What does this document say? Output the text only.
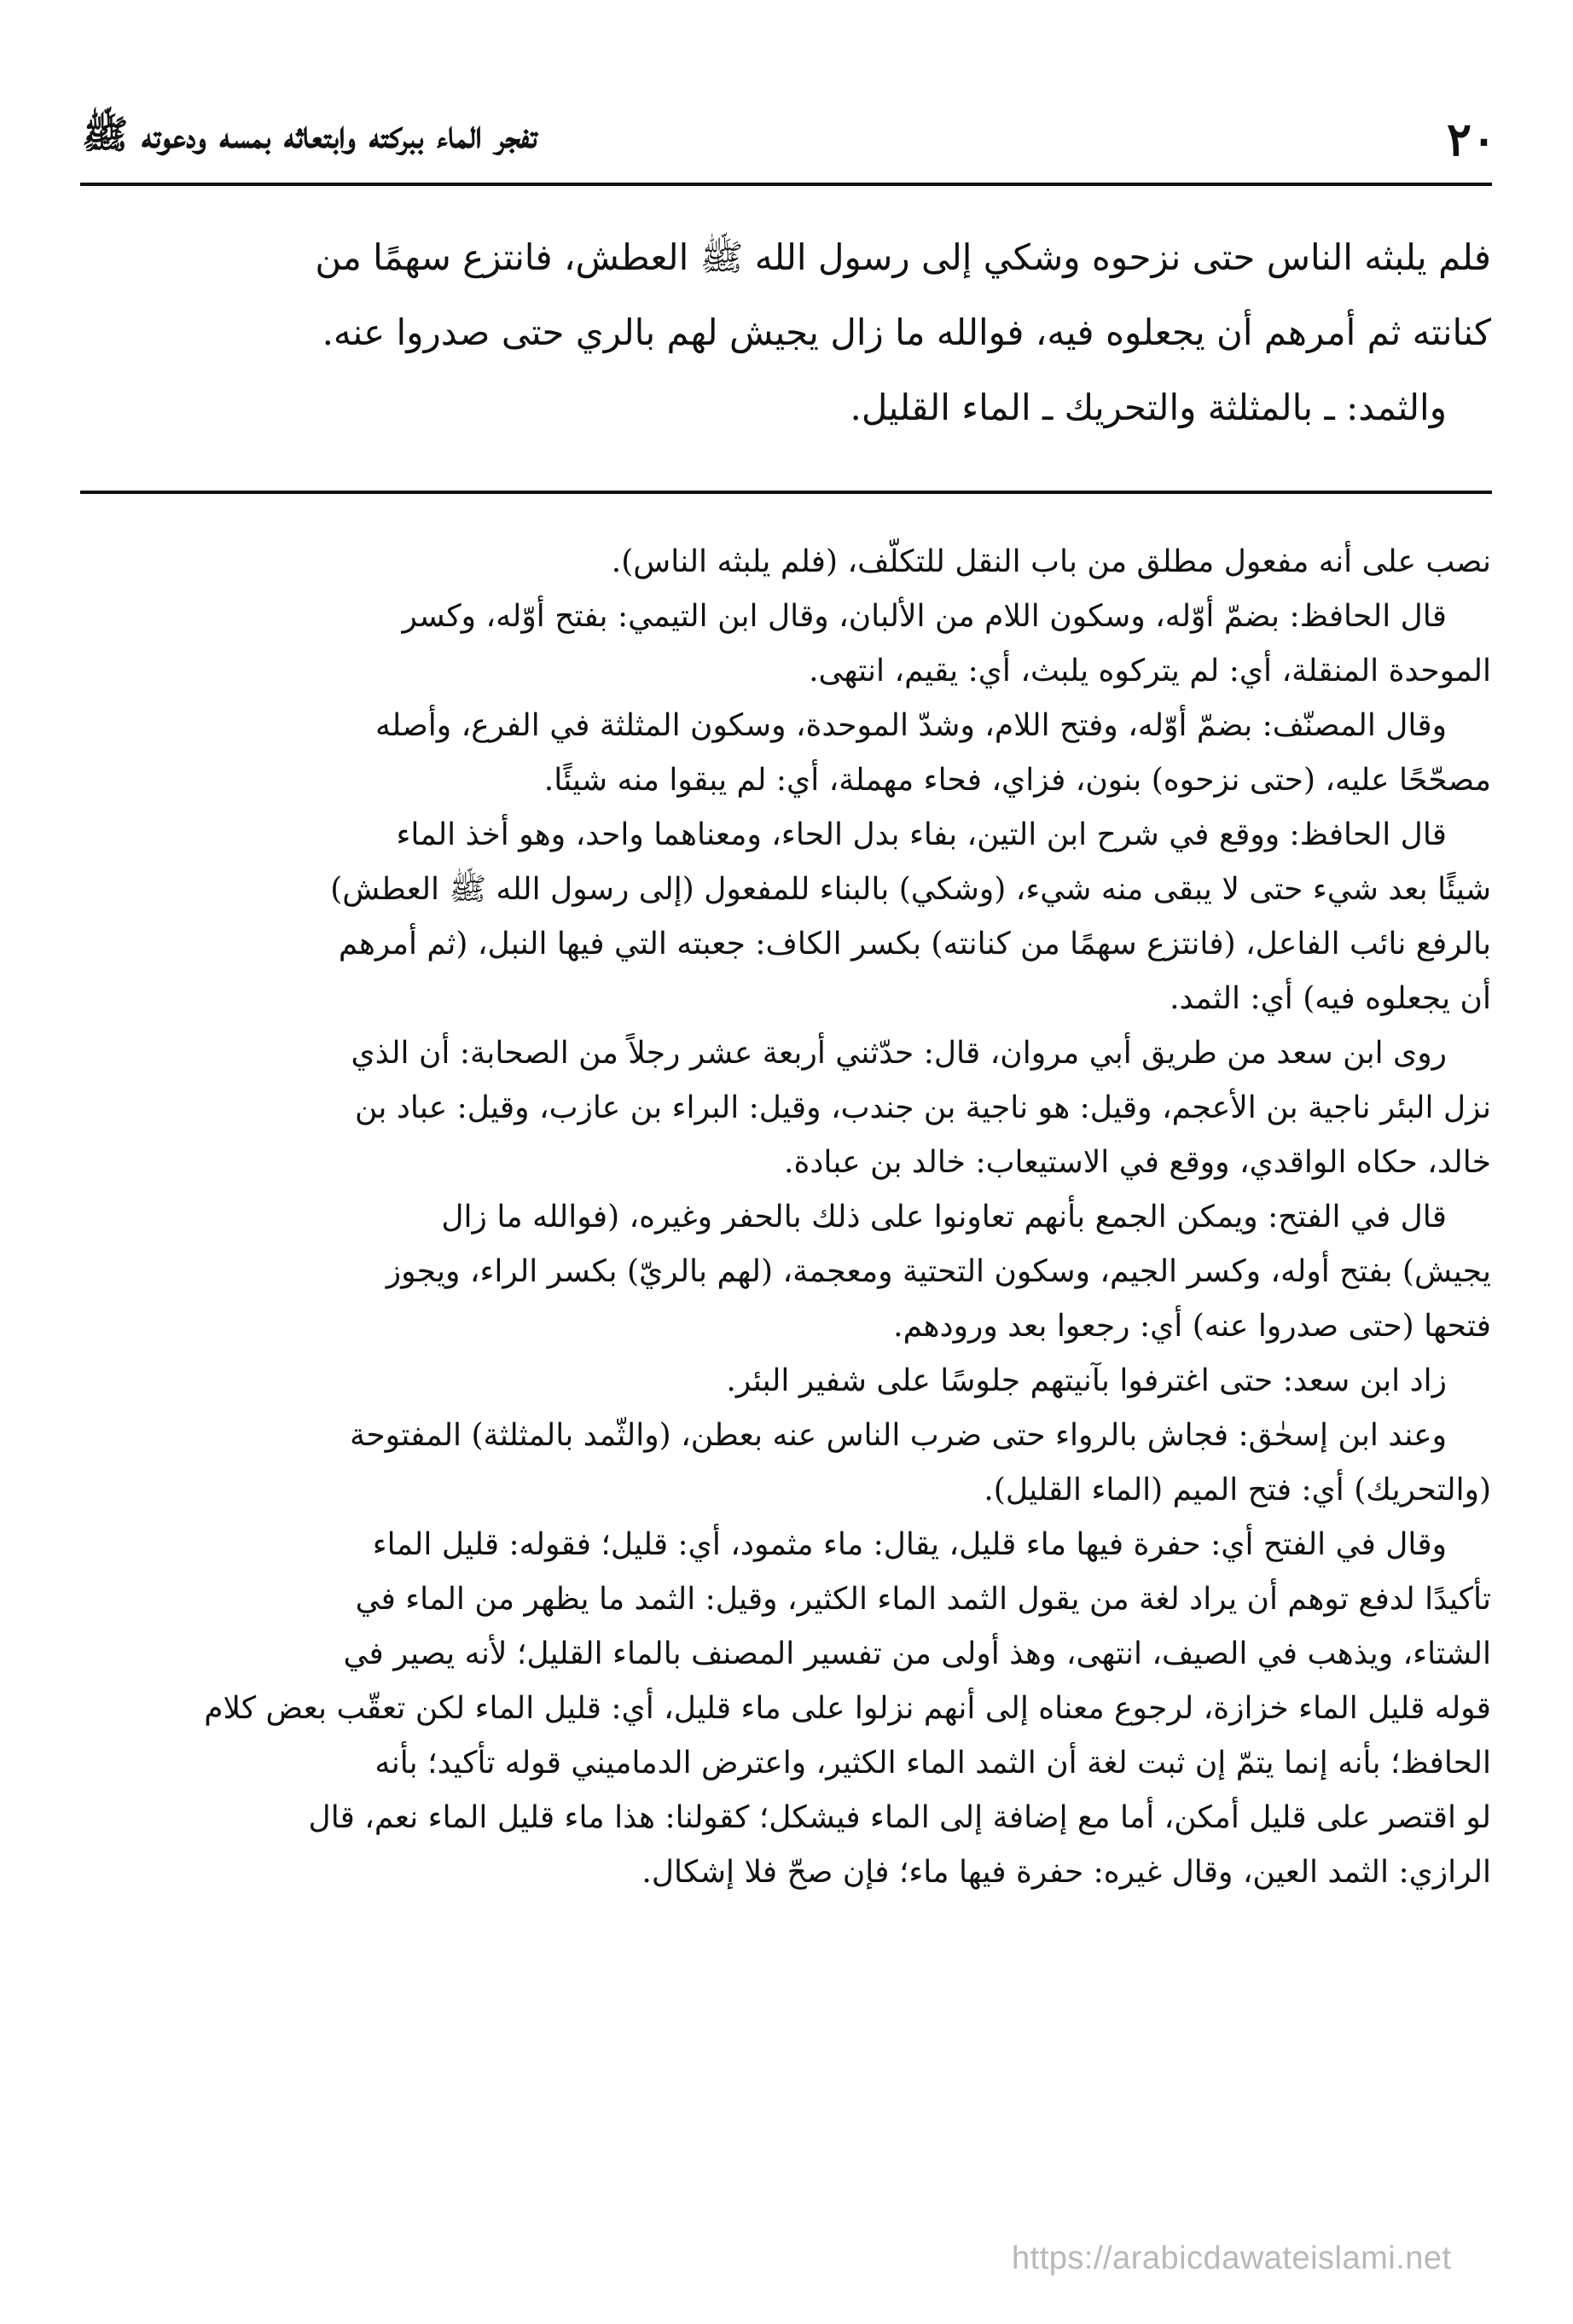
٢٠
تفجر الماء ببركته وابتعاثه بمسه ودعوته ﷺ

فلم يلبثه الناس حتى نزحوه وشكي إلى رسول الله ﷺ العطش، فانتزع سهمًا من
كنانته ثم أمرهم أن يجعلوه فيه، فوالله ما زال يجيش لهم بالري حتى صدروا عنه.
والثمد: ـ بالمثلثة والتحريك ـ الماء القليل.

نصب على أنه مفعول مطلق من باب النقل للتكلّف، (فلم يلبثه الناس).
قال الحافظ: بضمّ أوّله، وسكون اللام من الألبان، وقال ابن التيمي: بفتح أوّله، وكسر
الموحدة المنقلة، أي: لم يتركوه يلبث، أي: يقيم، انتهى.
وقال المصنّف: بضمّ أوّله، وفتح اللام، وشدّ الموحدة، وسكون المثلثة في الفرع، وأصله
مصحّحًا عليه، (حتى نزحوه) بنون، فزاي، فحاء مهملة، أي: لم يبقوا منه شيئًا.
قال الحافظ: ووقع في شرح ابن التين، بفاء بدل الحاء، ومعناهما واحد، وهو أخذ الماء
شيئًا بعد شيء حتى لا يبقى منه شيء، (وشكي) بالبناء للمفعول (إلى رسول الله ﷺ العطش)
بالرفع نائب الفاعل، (فانتزع سهمًا من كنانته) بكسر الكاف: جعبته التي فيها النبل، (ثم أمرهم
أن يجعلوه فيه) أي: الثمد.
روى ابن سعد من طريق أبي مروان، قال: حدّثني أربعة عشر رجلاً من الصحابة: أن الذي
نزل البئر ناجية بن الأعجم، وقيل: هو ناجية بن جندب، وقيل: البراء بن عازب، وقيل: عباد بن
خالد، حكاه الواقدي، ووقع في الاستيعاب: خالد بن عبادة.
قال في الفتح: ويمكن الجمع بأنهم تعاونوا على ذلك بالحفر وغيره، (فوالله ما زال
يجيش) بفتح أوله، وكسر الجيم، وسكون التحتية ومعجمة، (لهم بالريّ) بكسر الراء، ويجوز
فتحها (حتى صدروا عنه) أي: رجعوا بعد ورودهم.
زاد ابن سعد: حتى اغترفوا بآنيتهم جلوسًا على شفير البئر.
وعند ابن إسحٰق: فجاش بالرواء حتى ضرب الناس عنه بعطن، (والثّمد بالمثلثة) المفتوحة
(والتحريك) أي: فتح الميم (الماء القليل).
وقال في الفتح أي: حفرة فيها ماء قليل، يقال: ماء مثمود، أي: قليل؛ فقوله: قليل الماء
تأكيدًا لدفع توهم أن يراد لغة من يقول الثمد الماء الكثير، وقيل: الثمد ما يظهر من الماء في
الشتاء، ويذهب في الصيف، انتهى، وهذ أولى من تفسير المصنف بالماء القليل؛ لأنه يصير في
قوله قليل الماء خزازة، لرجوع معناه إلى أنهم نزلوا على ماء قليل، أي: قليل الماء لكن تعقّب بعض كلام
الحافظ؛ بأنه إنما يتمّ إن ثبت لغة أن الثمد الماء الكثير، واعترض الدماميني قوله تأكيد؛ بأنه
لو اقتصر على قليل أمكن، أما مع إضافة إلى الماء فيشكل؛ كقولنا: هذا ماء قليل الماء نعم، قال
الرازي: الثمد العين، وقال غيره: حفرة فيها ماء؛ فإن صحّ فلا إشكال.
https://arabicdawateislami.net
